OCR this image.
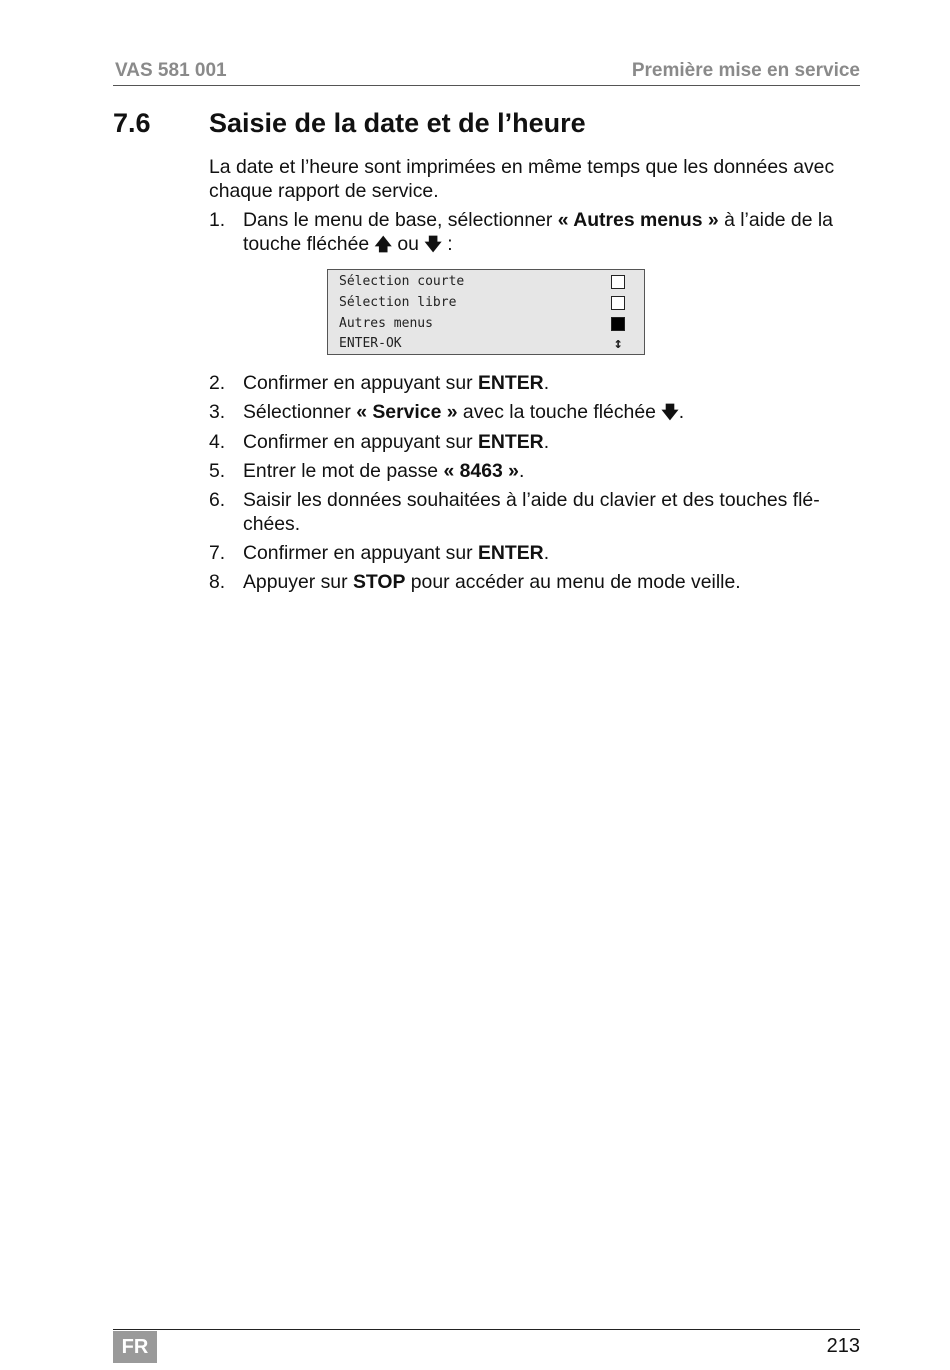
VAS 581 001	Première mise en service
7.6 Saisie de la date et de l’heure

La date et l’heure sont imprimées en même temps que les données avec chaque rapport de service.

1. Dans le menu de base, sélectionner « Autres menus » à l’aide de la touche fléchée 🡅 ou 🡇 :
Sélection courte
Sélection libre
Autres menus
ENTER-OK	↕
2. Confirmer en appuyant sur ENTER.
3. Sélectionner « Service » avec la touche fléchée 🡇.
4. Confirmer en appuyant sur ENTER.
5. Entrer le mot de passe « 8463 ».
6. Saisir les données souhaitées à l’aide du clavier et des touches flé-chées.
7. Confirmer en appuyant sur ENTER.
8. Appuyer sur STOP pour accéder au menu de mode veille.
FR	213
